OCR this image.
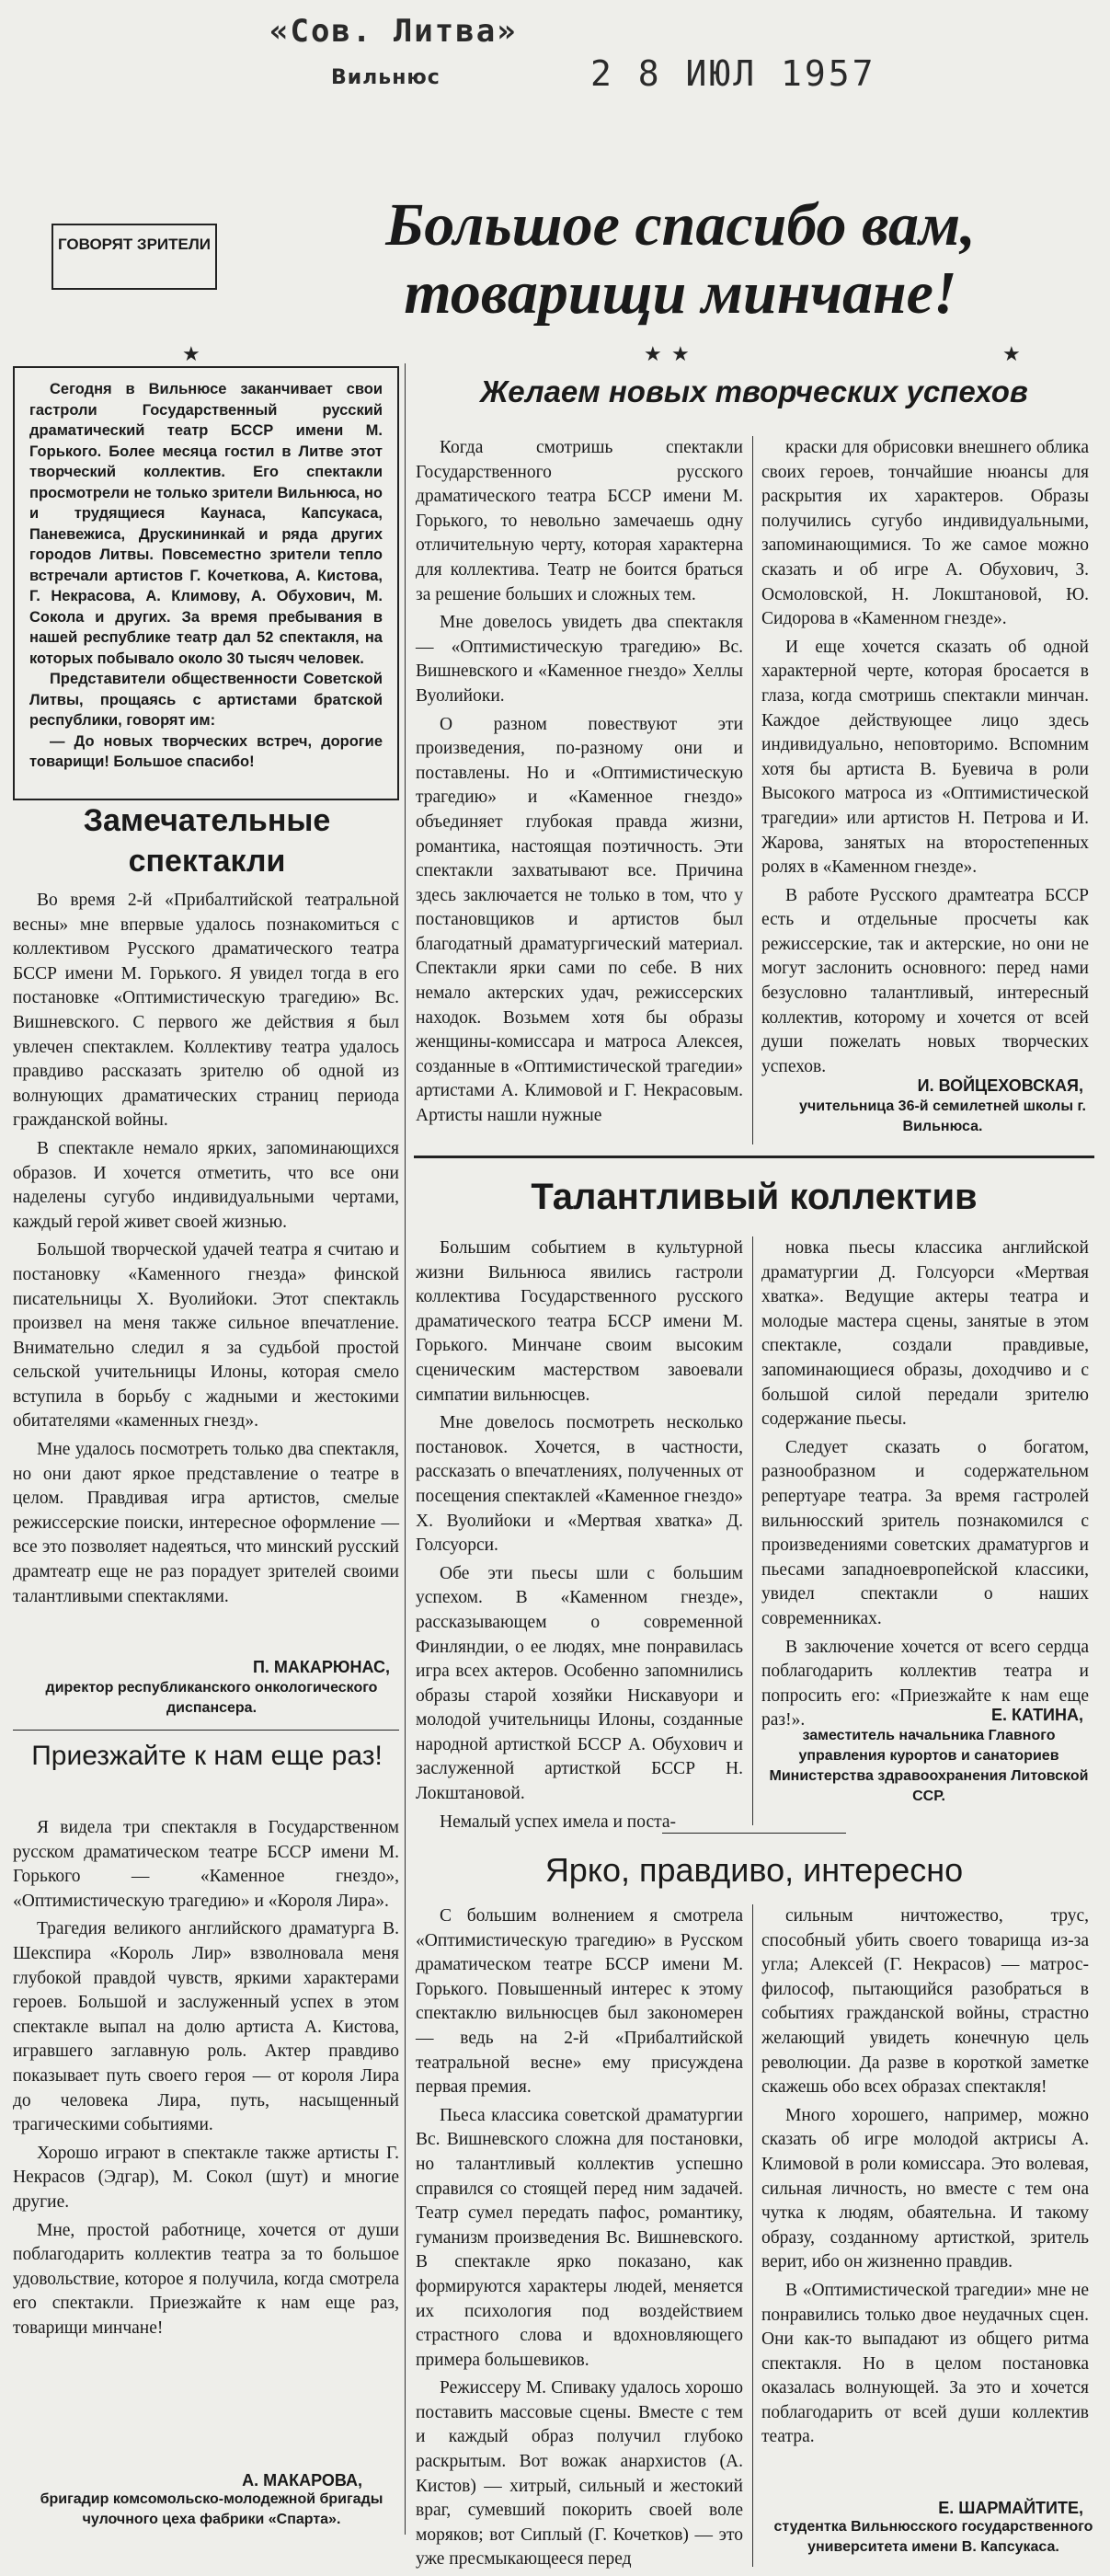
«Сов. Литва»
Вильнюс	2 8 ИЮЛ 1957
ГОВОРЯТ ЗРИТЕЛИ	Большое спасибо вам, товарищи минчане!
★	★ ★	★

Сегодня в Вильнюсе заканчивает свои гастроли Государственный русский драматический театр БССР имени М. Горького. Более месяца гостил в Литве этот творческий коллектив. Его спектакли просмотрели не только зрители Вильнюса, но и трудящиеся Каунаса, Капсукаса, Паневежиса, Друскининкай и ряда других городов Литвы. Повсеместно зрители тепло встречали артистов Г. Кочеткова, А. Кистова, Г. Некрасова, А. Климову, А. Обухович, М. Сокола и других. За время пребывания в нашей республике театр дал 52 спектакля, на которых побывало около 30 тысяч человек.

Представители общественности Советской Литвы, прощаясь с артистами братской республики, говорят им:

— До новых творческих встреч, дорогие товарищи! Большое спасибо!

Замечательные спектакли

Во время 2-й «Прибалтийской театральной весны» мне впервые удалось познакомиться с коллективом Русского драматического театра БССР имени М. Горького. Я увидел тогда в его постановке «Оптимистическую трагедию» Вс. Вишневского. С первого же действия я был увлечен спектаклем. Коллективу театра удалось правдиво рассказать зрителю об одной из волнующих драматических страниц периода гражданской войны.

В спектакле немало ярких, запоминающихся образов. И хочется отметить, что все они наделены сугубо индивидуальными чертами, каждый герой живет своей жизнью.

Большой творческой удачей театра я считаю и постановку «Каменного гнезда» финской писательницы Х. Вуолийоки. Этот спектакль произвел на меня также сильное впечатление. Внимательно следил я за судьбой простой сельской учительницы Илоны, которая смело вступила в борьбу с жадными и жестокими обитателями «каменных гнезд».

Мне удалось посмотреть только два спектакля, но они дают яркое представление о театре в целом. Правдивая игра артистов, смелые режиссерские поиски, интересное оформление — все это позволяет надеяться, что минский русский драмтеатр еще не раз порадует зрителей своими талантливыми спектаклями.

П. МАКАРЮНАС,
директор республиканского онкологического диспансера.
Приезжайте к нам еще раз!

Я видела три спектакля в Государственном русском драматическом театре БССР имени М. Горького — «Каменное гнездо», «Оптимистическую трагедию» и «Короля Лира».

Трагедия великого английского драматурга В. Шекспира «Король Лир» взволновала меня глубокой правдой чувств, яркими характерами героев. Большой и заслуженный успех в этом спектакле выпал на долю артиста А. Кистова, игравшего заглавную роль. Актер правдиво показывает путь своего героя — от короля Лира до человека Лира, путь, насыщенный трагическими событиями.

Хорошо играют в спектакле также артисты Г. Некрасов (Эдгар), М. Сокол (шут) и многие другие.

Мне, простой работнице, хочется от души поблагодарить коллектив театра за то большое удовольствие, которое я получила, когда смотрела его спектакли. Приезжайте к нам еще раз, товарищи минчане!

А. МАКАРОВА,
бригадир комсомольско-молодежной бригады чулочного цеха фабрики «Спарта».
Желаем новых творческих успехов

Когда смотришь спектакли Государственного русского драматического театра БССР имени М. Горького, то невольно замечаешь одну отличительную черту, которая характерна для коллектива. Театр не боится браться за решение больших и сложных тем.

Мне довелось увидеть два спектакля — «Оптимистическую трагедию» Вс. Вишневского и «Каменное гнездо» Хеллы Вуолийоки.

О разном повествуют эти произведения, по-разному они и поставлены. Но и «Оптимистическую трагедию» и «Каменное гнездо» объединяет глубокая правда жизни, романтика, настоящая поэтичность. Эти спектакли захватывают все. Причина здесь заключается не только в том, что у постановщиков и артистов был благодатный драматургический материал. Спектакли ярки сами по себе. В них немало актерских удач, режиссерских находок. Возьмем хотя бы образы женщины-комиссара и матроса Алексея, созданные в «Оптимистической трагедии» артистами А. Климовой и Г. Некрасовым. Артисты нашли нужные

краски для обрисовки внешнего облика своих героев, тончайшие нюансы для раскрытия их характеров. Образы получились сугубо индивидуальными, запоминающимися. То же самое можно сказать и об игре А. Обухович, З. Осмоловской, Н. Локштановой, Ю. Сидорова в «Каменном гнезде».

И еще хочется сказать об одной характерной черте, которая бросается в глаза, когда смотришь спектакли минчан. Каждое действующее лицо здесь индивидуально, неповторимо. Вспомним хотя бы артиста В. Буевича в роли Высокого матроса из «Оптимистической трагедии» или артистов Н. Петрова и И. Жарова, занятых на второстепенных ролях в «Каменном гнезде».

В работе Русского драмтеатра БССР есть и отдельные просчеты как режиссерские, так и актерские, но они не могут заслонить основного: перед нами безусловно талантливый, интересный коллектив, которому и хочется от всей души пожелать новых творческих успехов.

И. ВОЙЦЕХОВСКАЯ,
учительница 36-й семилетней школы г. Вильнюса.
Талантливый коллектив

Большим событием в культурной жизни Вильнюса явились гастроли коллектива Государственного русского драматического театра БССР имени М. Горького. Минчане своим высоким сценическим мастерством завоевали симпатии вильнюсцев.

Мне довелось посмотреть несколько постановок. Хочется, в частности, рассказать о впечатлениях, полученных от посещения спектаклей «Каменное гнездо» Х. Вуолийоки и «Мертвая хватка» Д. Голсуорси.

Обе эти пьесы шли с большим успехом. В «Каменном гнезде», рассказывающем о современной Финляндии, о ее людях, мне понравилась игра всех актеров. Особенно запомнились образы старой хозяйки Нискавуори и молодой учительницы Илоны, созданные народной артисткой БССР А. Обухович и заслуженной артисткой БССР Н. Локштановой.

Немалый успех имела и поста-

новка пьесы классика английской драматургии Д. Голсуорси «Мертвая хватка». Ведущие актеры театра и молодые мастера сцены, занятые в этом спектакле, создали правдивые, запоминающиеся образы, доходчиво и с большой силой передали зрителю содержание пьесы.

Следует сказать о богатом, разнообразном и содержательном репертуаре театра. За время гастролей вильнюсский зритель познакомился с произведениями советских драматургов и пьесами западноевропейской классики, увидел спектакли о наших современниках.

В заключение хочется от всего сердца поблагодарить коллектив театра и попросить его: «Приезжайте к нам еще раз!».	Е. КАТИНА,
заместитель начальника Главного управления курортов и санаториев Министерства здравоохранения Литовской ССР.
Ярко, правдиво, интересно

С большим волнением я смотрела «Оптимистическую трагедию» в Русском драматическом театре БССР имени М. Горького. Повышенный интерес к этому спектаклю вильнюсцев был закономерен — ведь на 2-й «Прибалтийской театральной весне» ему присуждена первая премия.

Пьеса классика советской драматургии Вс. Вишневского сложна для постановки, но талантливый коллектив успешно справился со стоящей перед ним задачей. Театр сумел передать пафос, романтику, гуманизм произведения Вс. Вишневского. В спектакле ярко показано, как формируются характеры людей, меняется их психология под воздействием страстного слова и вдохновляющего примера большевиков.

Режиссеру М. Спиваку удалось хорошо поставить массовые сцены. Вместе с тем и каждый образ получил глубоко раскрытым. Вот вожак анархистов (А. Кистов) — хитрый, сильный и жестокий враг, сумевший покорить своей воле моряков; вот Сиплый (Г. Кочетков) — это уже пресмыкающееся перед

сильным ничтожество, трус, способный убить своего товарища из-за угла; Алексей (Г. Некрасов) — матрос-философ, пытающийся разобраться в событиях гражданской войны, страстно желающий увидеть конечную цель революции. Да разве в короткой заметке скажешь обо всех образах спектакля!

Много хорошего, например, можно сказать об игре молодой актрисы А. Климовой в роли комиссара. Это волевая, сильная личность, но вместе с тем она чутка к людям, обаятельна. И такому образу, созданному артисткой, зритель верит, ибо он жизненно правдив.

В «Оптимистической трагедии» мне не понравились только двое неудачных сцен. Они как-то выпадают из общего ритма спектакля. Но в целом постановка оказалась волнующей. За это и хочется поблагодарить от всей души коллектив театра.

Е. ШАРМАЙТИТЕ,
студентка Вильнюсского государственного университета имени В. Капсукаса.
